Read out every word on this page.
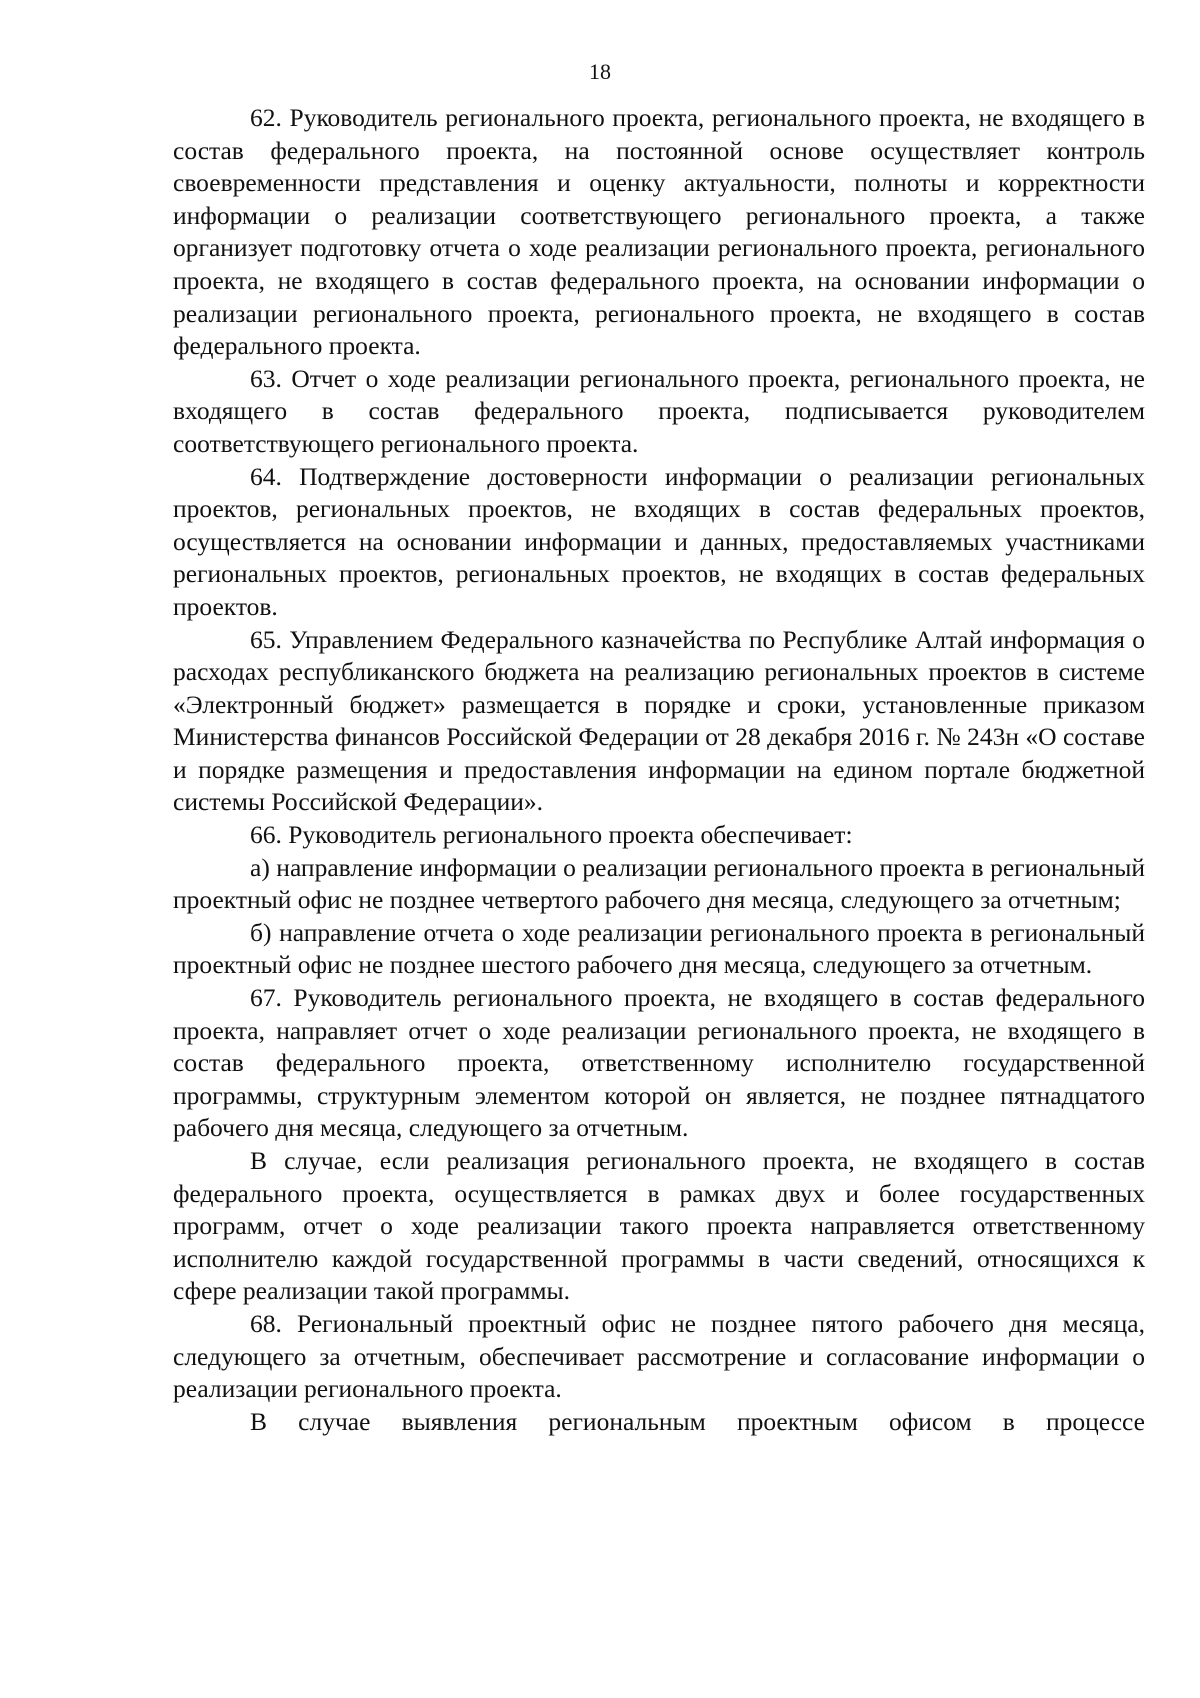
18

62. Руководитель регионального проекта, регионального проекта, не входящего в состав федерального проекта, на постоянной основе осуществляет контроль своевременности представления и оценку актуальности, полноты и корректности информации о реализации соответствующего регионального проекта, а также организует подготовку отчета о ходе реализации регионального проекта, регионального проекта, не входящего в состав федерального проекта, на основании информации о реализации регионального проекта, регионального проекта, не входящего в состав федерального проекта.

63. Отчет о ходе реализации регионального проекта, регионального проекта, не входящего в состав федерального проекта, подписывается руководителем соответствующего регионального проекта.

64. Подтверждение достоверности информации о реализации региональных проектов, региональных проектов, не входящих в состав федеральных проектов, осуществляется на основании информации и данных, предоставляемых участниками региональных проектов, региональных проектов, не входящих в состав федеральных проектов.

65. Управлением Федерального казначейства по Республике Алтай информация о расходах республиканского бюджета на реализацию региональных проектов в системе «Электронный бюджет» размещается в порядке и сроки, установленные приказом Министерства финансов Российской Федерации от 28 декабря 2016 г. № 243н «О составе и порядке размещения и предоставления информации на едином портале бюджетной системы Российской Федерации».

66. Руководитель регионального проекта обеспечивает:

а) направление информации о реализации регионального проекта в региональный проектный офис не позднее четвертого рабочего дня месяца, следующего за отчетным;

б) направление отчета о ходе реализации регионального проекта в региональный проектный офис не позднее шестого рабочего дня месяца, следующего за отчетным.

67. Руководитель регионального проекта, не входящего в состав федерального проекта, направляет отчет о ходе реализации регионального проекта, не входящего в состав федерального проекта, ответственному исполнителю государственной программы, структурным элементом которой он является, не позднее пятнадцатого рабочего дня месяца, следующего за отчетным.

В случае, если реализация регионального проекта, не входящего в состав федерального проекта, осуществляется в рамках двух и более государственных программ, отчет о ходе реализации такого проекта направляется ответственному исполнителю каждой государственной программы в части сведений, относящихся к сфере реализации такой программы.

68. Региональный проектный офис не позднее пятого рабочего дня месяца, следующего за отчетным, обеспечивает рассмотрение и согласование информации о реализации регионального проекта.

В случае выявления региональным проектным офисом в процессе
